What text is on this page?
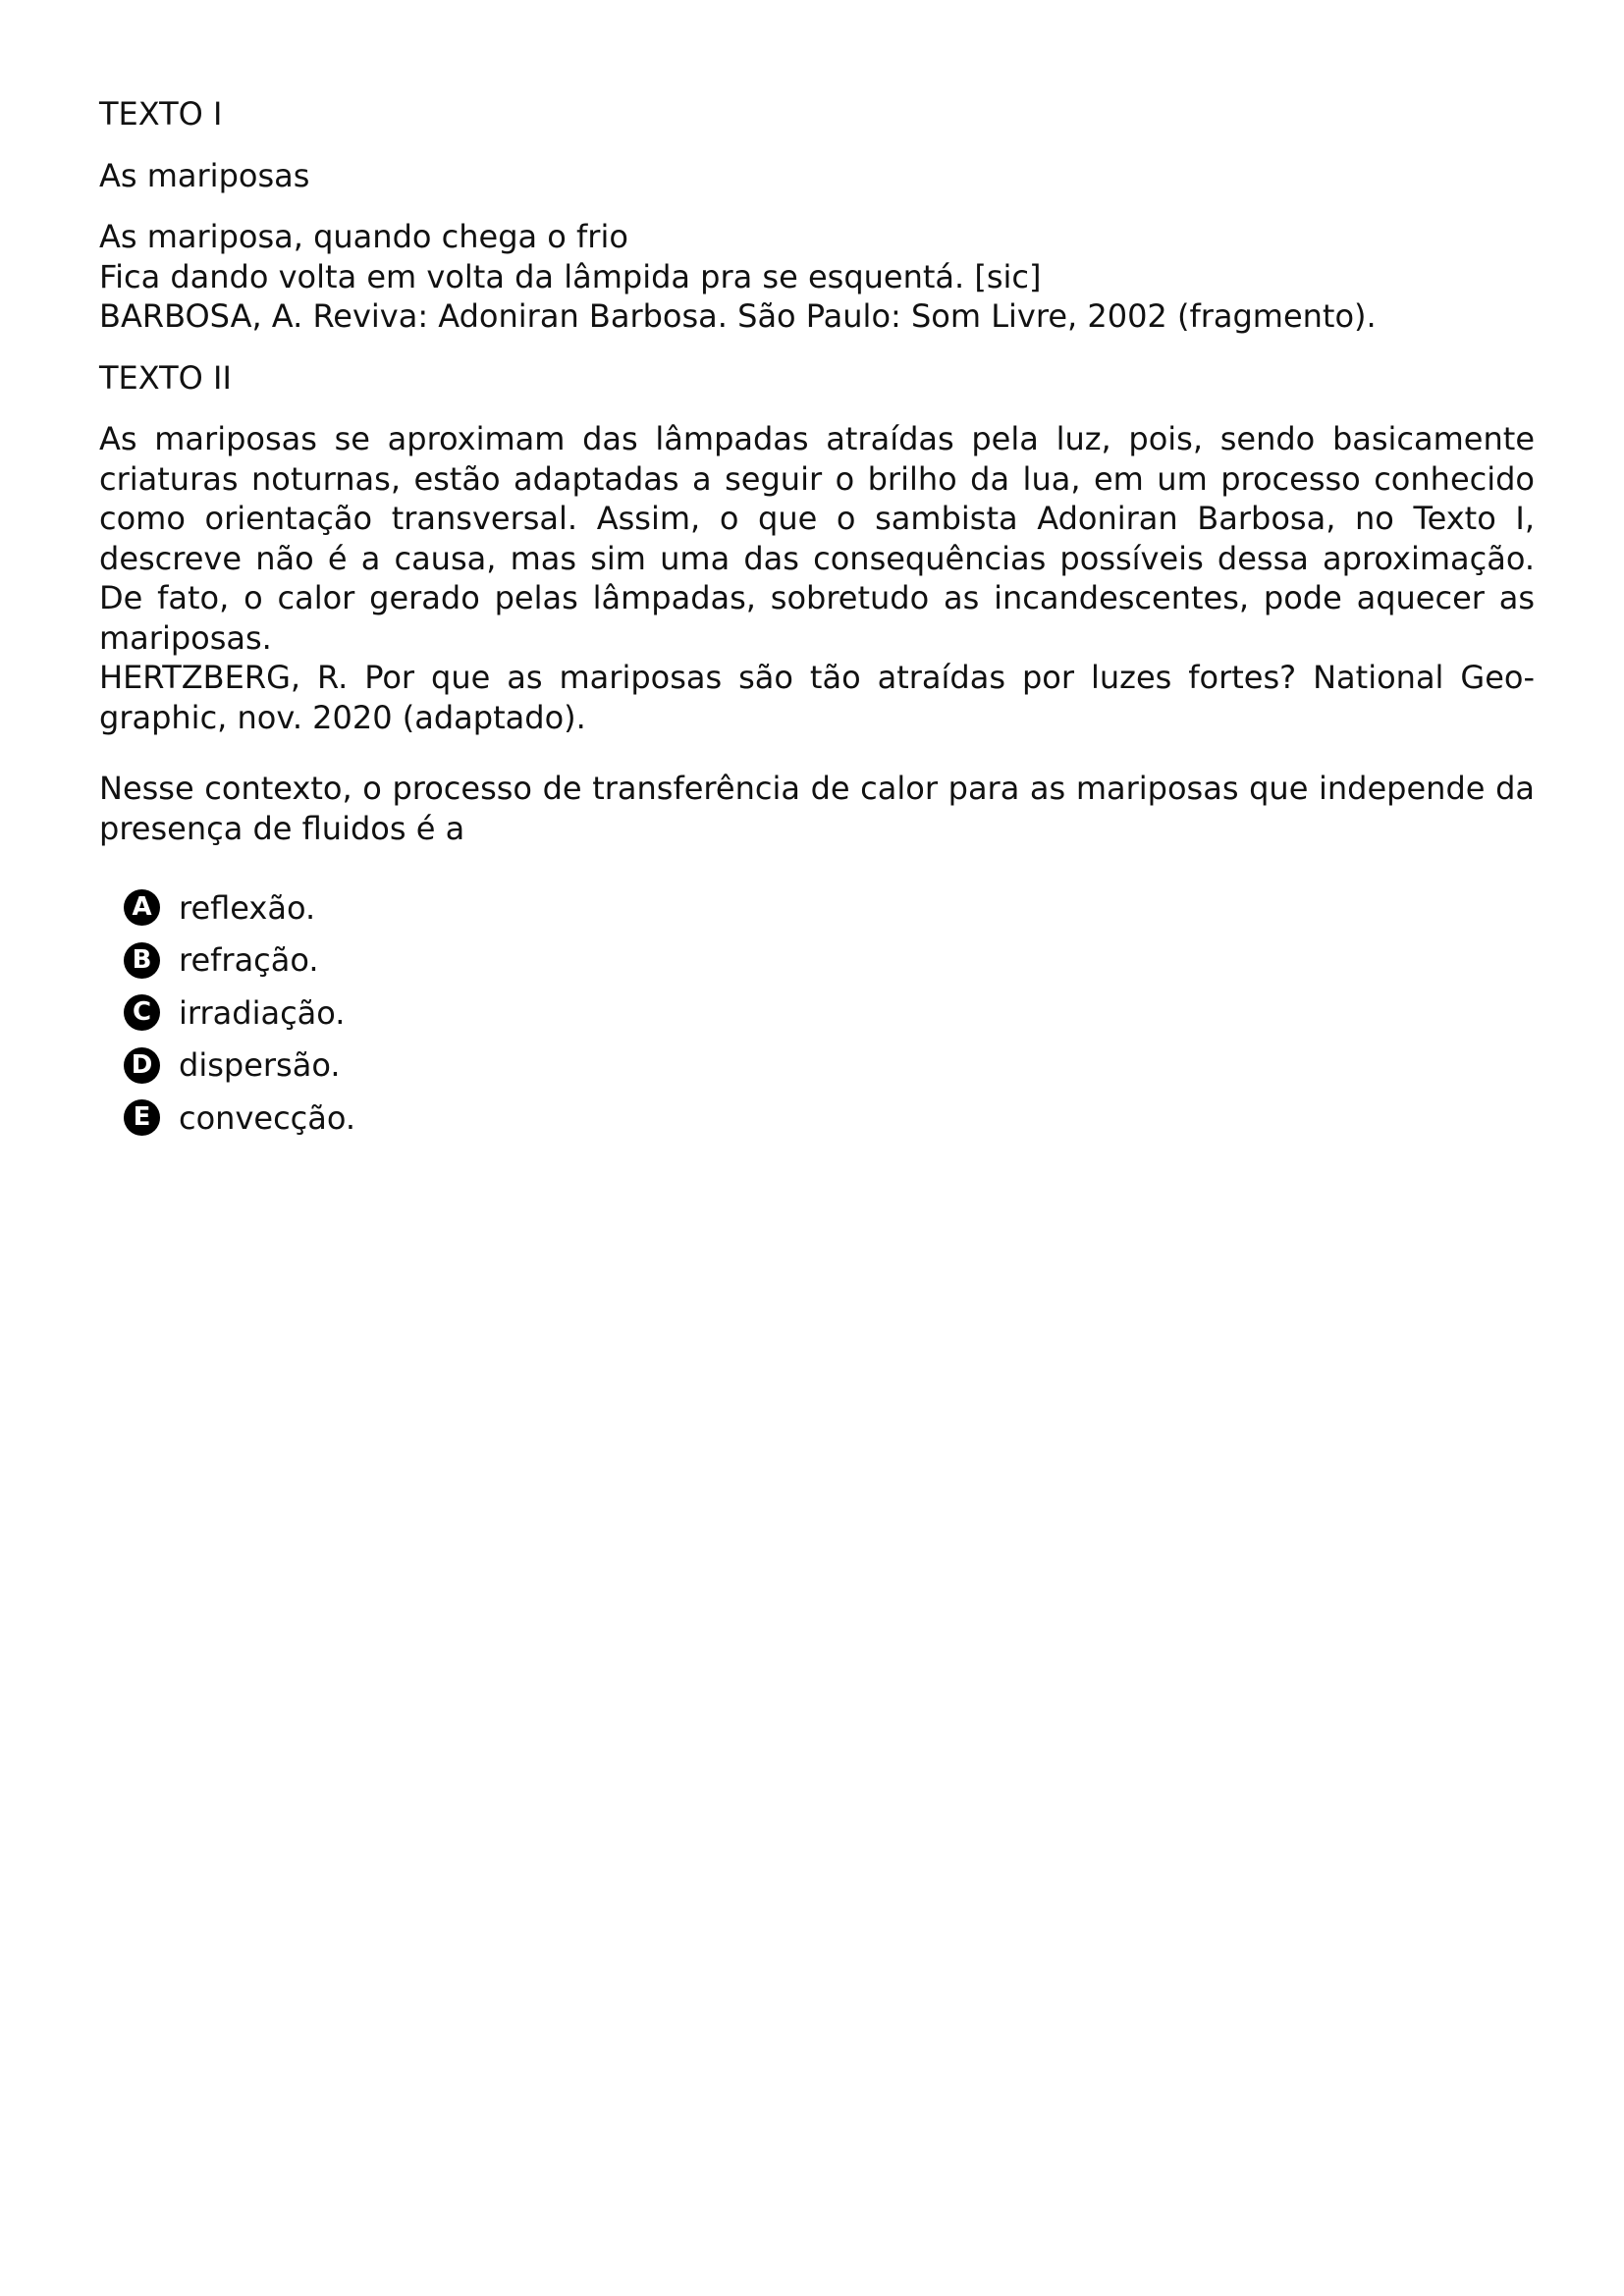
TEXTO I

As mariposas

As mariposa, quando chega o frio
Fica dando volta em volta da lâmpida pra se esquentá. [sic]
BARBOSA, A. Reviva: Adoniran Barbosa. São Paulo: Som Livre, 2002 (fragmento).

TEXTO II

As mariposas se aproximam das lâmpadas atraídas pela luz, pois, sendo basicamente criaturas noturnas, estão adaptadas a seguir o brilho da lua, em um processo conhecido como orientação transversal. Assim, o que o sambista Adoniran Barbosa, no Texto I, descreve não é a causa, mas sim uma das consequências possíveis dessa aproximação. De fato, o calor gerado pelas lâmpadas, sobretudo as incandescentes, pode aquecer as mariposas.
HERTZBERG, R. Por que as mariposas são tão atraídas por luzes fortes? National Geographic, nov. 2020 (adaptado).

Nesse contexto, o processo de transferência de calor para as mariposas que independe da presença de fluidos é a

A reflexão.
B refração.
C irradiação.
D dispersão.
E convecção.
